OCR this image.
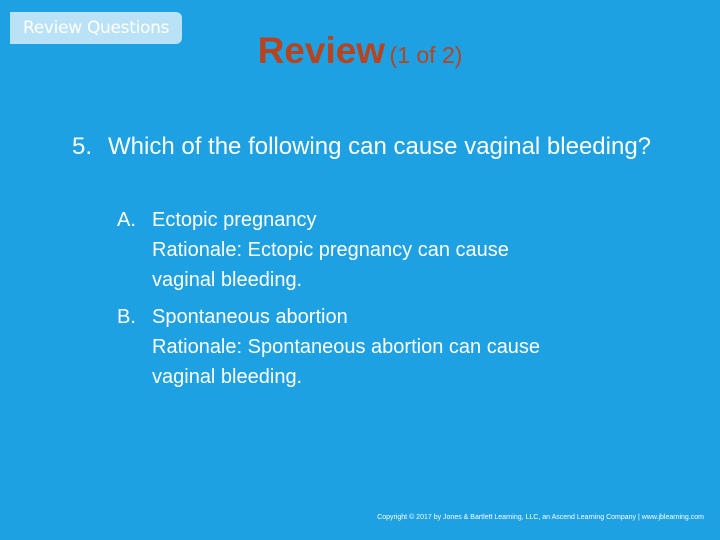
Review Questions
Review (1 of 2)
5. Which of the following can cause vaginal bleeding?
A. Ectopic pregnancy
Rationale: Ectopic pregnancy can cause
vaginal bleeding.
B. Spontaneous abortion
Rationale: Spontaneous abortion can cause
vaginal bleeding.
Copyright © 2017 by Jones & Bartlett Learning, LLC, an Ascend Learning Company | www.jblearning.com
